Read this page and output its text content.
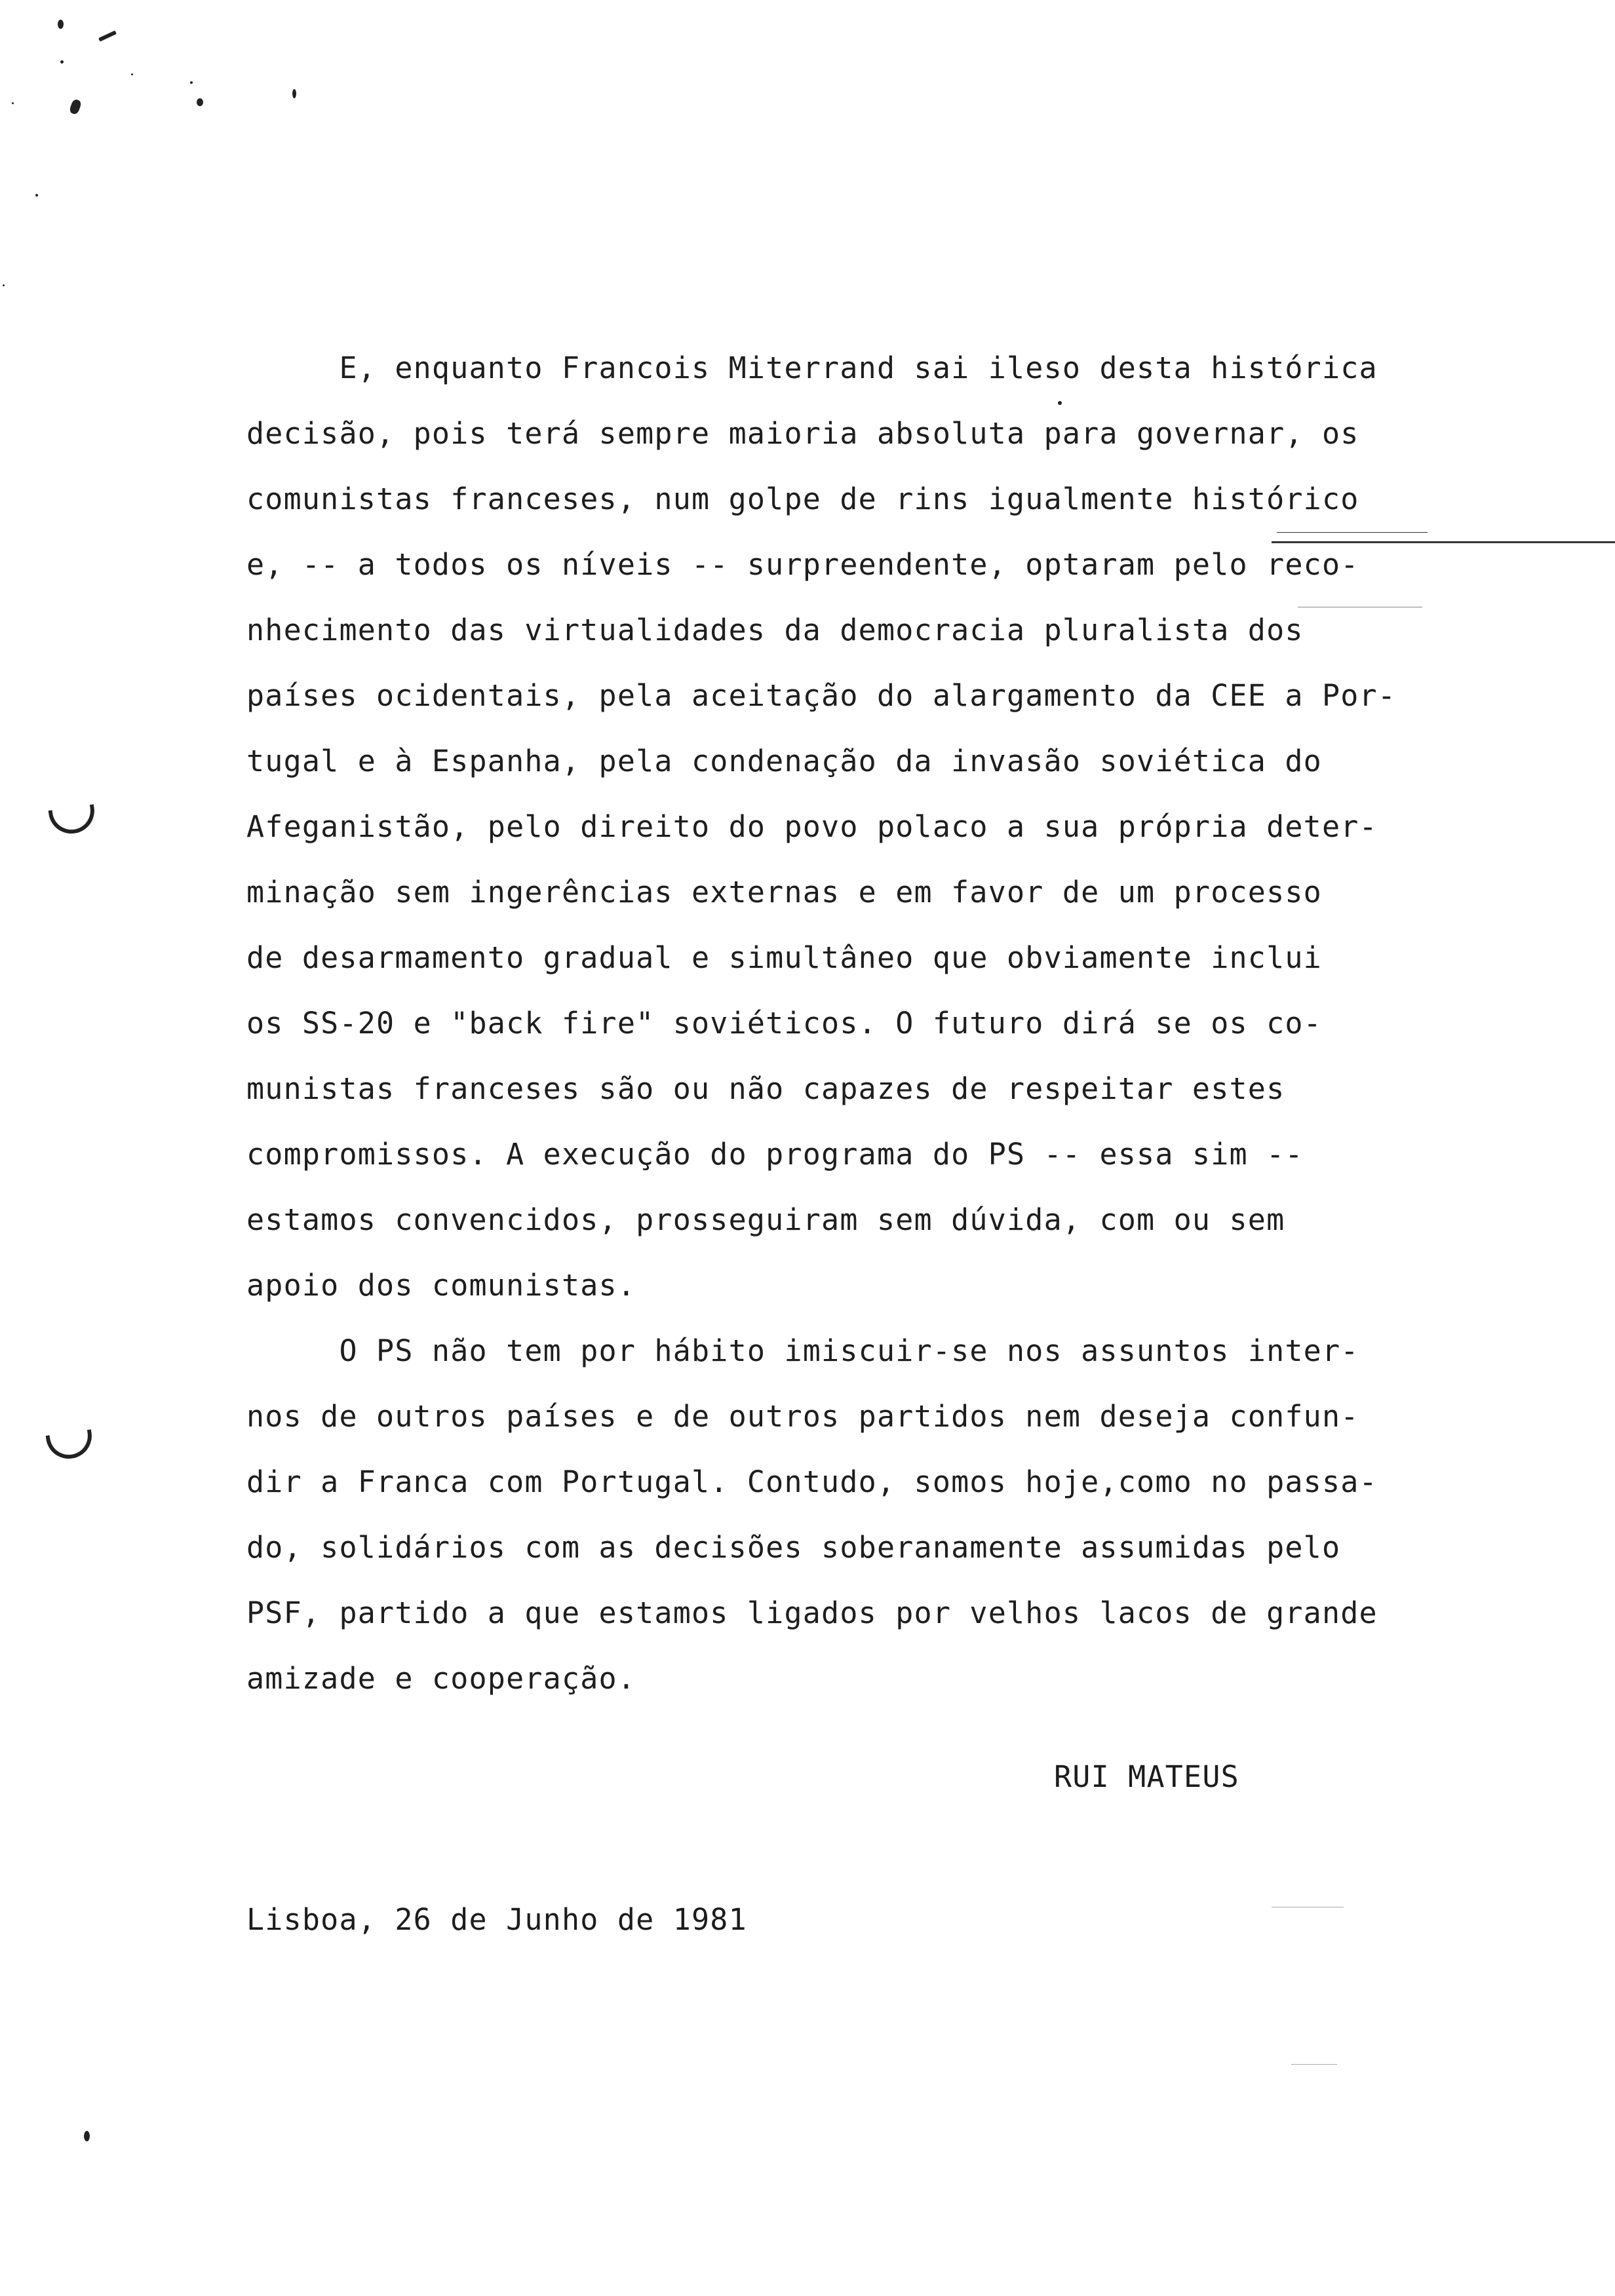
E, enquanto Francois Miterrand sai ileso desta histórica
decisão, pois terá sempre maioria absoluta para governar, os
comunistas franceses, num golpe de rins igualmente histórico
e, -- a todos os níveis -- surpreendente, optaram pelo reco-
nhecimento das virtualidades da democracia pluralista dos
países ocidentais, pela aceitação do alargamento da CEE a Por-
tugal e à Espanha, pela condenação da invasão soviética do
Afeganistão, pelo direito do povo polaco a sua própria deter-
minação sem ingerências externas e em favor de um processo
de desarmamento gradual e simultâneo que obviamente inclui
os SS-20 e "back fire" soviéticos. O futuro dirá se os co-
munistas franceses são ou não capazes de respeitar estes
compromissos. A execução do programa do PS -- essa sim --
estamos convencidos, prosseguiram sem dúvida, com ou sem
apoio dos comunistas.
O PS não tem por hábito imiscuir-se nos assuntos inter-
nos de outros países e de outros partidos nem deseja confun-
dir a Franca com Portugal. Contudo, somos hoje,como no passa-
do, solidários com as decisões soberanamente assumidas pelo
PSF, partido a que estamos ligados por velhos lacos de grande
amizade e cooperação.
RUI MATEUS
Lisboa, 26 de Junho de 1981
